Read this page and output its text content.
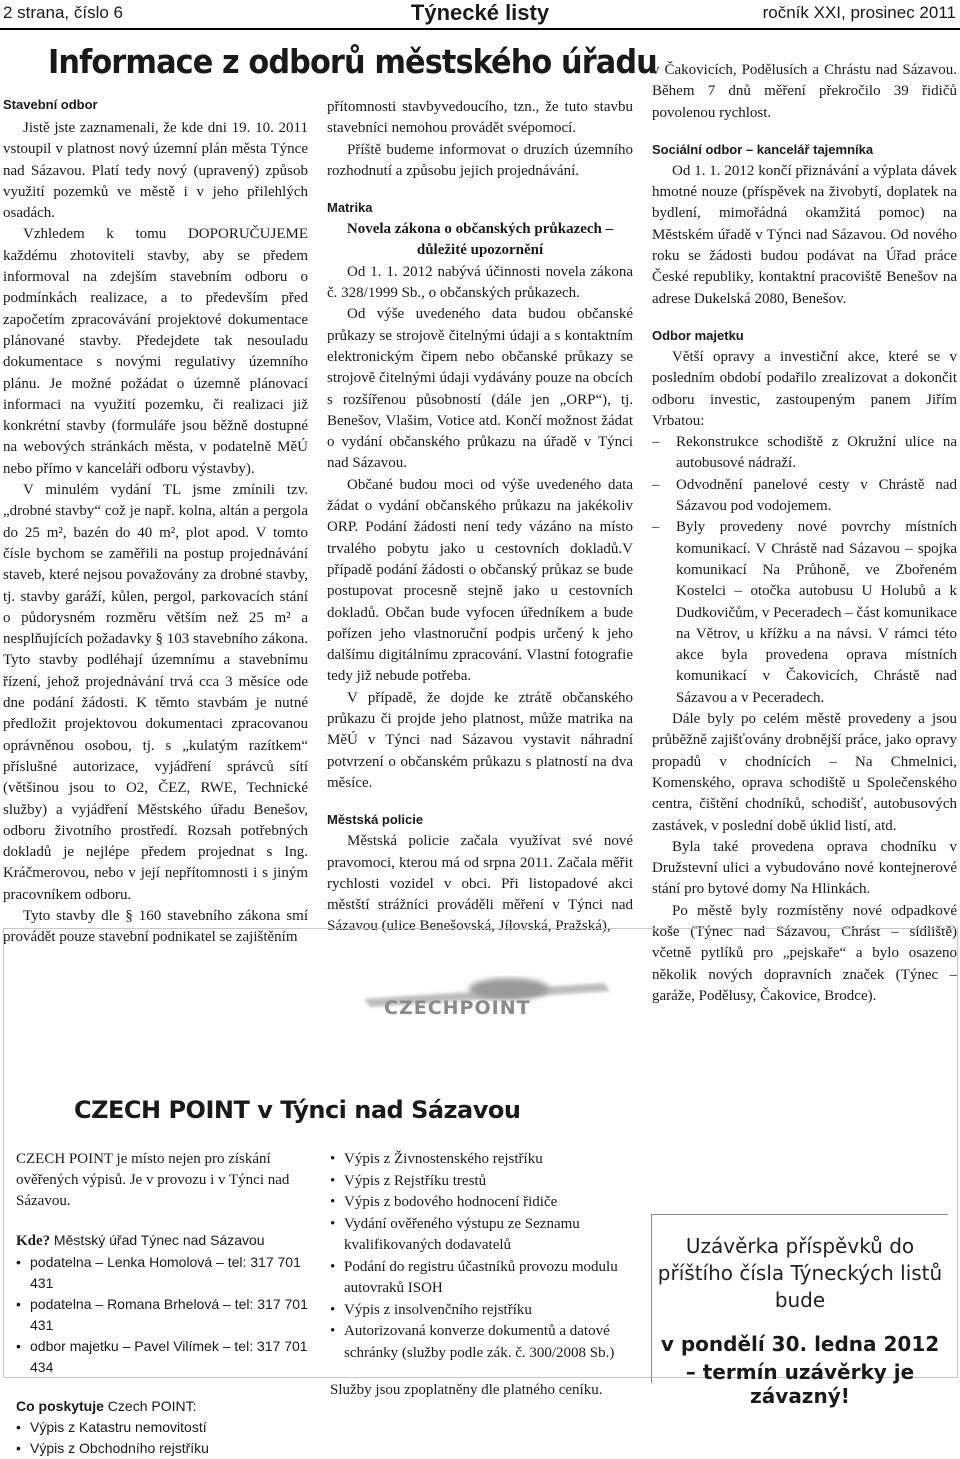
2 strana, číslo 6	Týnecké listy	ročník XXI, prosinec 2011
Informace z odborů městského úřadu
Stavební odbor

Jistě jste zaznamenali, že kde dni 19. 10. 2011 vstoupil v platnost nový územní plán města Týnce nad Sázavou. Platí tedy nový (upravený) způsob využití pozemků ve městě i v jeho přilehlých osadách.

Vzhledem k tomu DOPORUČUJEME každému zhotoviteli stavby, aby se předem informoval na zdejším stavebním odboru o podmínkách realizace, a to především před započetím zpracovávání projektové dokumentace plánované stavby. Předejdete tak nesouladu dokumentace s novými regulativy územního plánu. Je možné požádat o územně plánovací informaci na využití pozemku, či realizaci již konkrétní stavby (formuláře jsou běžně dostupné na webových stránkách města, v podatelně MěÚ nebo přímo v kanceláři odboru výstavby).

V minulém vydání TL jsme zmínili tzv. „drobné stavby“ což je např. kolna, altán a pergola do 25 m², bazén do 40 m², plot apod. V tomto čísle bychom se zaměřili na postup projednávání staveb, které nejsou považovány za drobné stavby, tj. stavby garáží, kůlen, pergol, parkovacích stání o půdorysném rozměru větším než 25 m² a nesplňujících požadavky § 103 stavebního zákona. Tyto stavby podléhají územnímu a stavebnímu řízení, jehož projednávání trvá cca 3 měsíce ode dne podání žádosti. K těmto stavbám je nutné předložit projektovou dokumentaci zpracovanou oprávněnou osobou, tj. s „kulatým razítkem“ příslušné autorizace, vyjádření správců sítí (většinou jsou to O2, ČEZ, RWE, Technické služby) a vyjádření Městského úřadu Benešov, odboru životního prostředí. Rozsah potřebných dokladů je nejlépe předem projednat s Ing. Kráčmerovou, nebo v její nepřítomnosti i s jiným pracovníkem odboru.

Tyto stavby dle § 160 stavebního zákona smí provádět pouze stavební podnikatel se zajištěním

přítomnosti stavbyvedoucího, tzn., že tuto stavbu stavebníci nemohou provádět svépomocí.

Příště budeme informovat o druzích územního rozhodnutí a způsobu jejich projednávání.

Matrika

Novela zákona o občanských průkazech – důležité upozornění

Od 1. 1. 2012 nabývá účinnosti novela zákona č. 328/1999 Sb., o občanských průkazech.

Od výše uvedeného data budou občanské průkazy se strojově čitelnými údaji a s kontaktním elektronickým čipem nebo občanské průkazy se strojově čitelnými údaji vydávány pouze na obcích s rozšířenou působností (dále jen „ORP“), tj. Benešov, Vlašim, Votice atd. Končí možnost žádat o vydání občanského průkazu na úřadě v Týnci nad Sázavou.

Občané budou moci od výše uvedeného data žádat o vydání občanského průkazu na jakékoliv ORP. Podání žádosti není tedy vázáno na místo trvalého pobytu jako u cestovních dokladů.V případě podání žádosti o občanský průkaz se bude postupovat procesně stejně jako u cestovních dokladů. Občan bude vyfocen úředníkem a bude pořízen jeho vlastnoruční podpis určený k jeho dalšímu digitálnímu zpracování. Vlastní fotografie tedy již nebude potřeba.

V případě, že dojde ke ztrátě občanského průkazu či projde jeho platnost, může matrika na MěÚ v Týnci nad Sázavou vystavit náhradní potvrzení o občanském průkazu s platností na dva měsíce.

Městská policie

Městská policie začala využívat své nové pravomoci, kterou má od srpna 2011. Začala měřit rychlosti vozidel v obci. Při listopadové akci městští strážníci prováděli měření v Týnci nad Sázavou (ulice Benešovská, Jílovská, Pražská),

v Čakovicích, Podělusích a Chrástu nad Sázavou. Během 7 dnů měření překročilo 39 řidičů povolenou rychlost.

Sociální odbor – kancelář tajemníka

Od 1. 1. 2012 končí přiznávání a výplata dávek hmotné nouze (příspěvek na živobytí, doplatek na bydlení, mimořádná okamžitá pomoc) na Městském úřadě v Týnci nad Sázavou. Od nového roku se žádosti budou podávat na Úřad práce České republiky, kontaktní pracoviště Benešov na adrese Dukelská 2080, Benešov.

Odbor majetku

Větší opravy a investiční akce, které se v posledním období podařilo zrealizovat a dokončit odboru investic, zastoupeným panem Jiřím Vrbatou:

– Rekonstrukce schodiště z Okružní ulice na autobusové nádraží.
– Odvodnění panelové cesty v Chrástě nad Sázavou pod vodojemem.
– Byly provedeny nové povrchy místních komunikací. V Chrástě nad Sázavou – spojka komunikací Na Průhoně, ve Zbořeném Kostelci – otočka autobusu U Holubů a k Dudkovičům, v Peceradech – část komunikace na Větrov, u křížku a na návsi. V rámci této akce byla provedena oprava místních komunikací v Čakovicích, Chrástě nad Sázavou a v Peceradech.

Dále byly po celém městě provedeny a jsou průběžně zajišťovány drobnější práce, jako opravy propadů v chodnících – Na Chmelnici, Komenského, oprava schodiště u Společenského centra, čištění chodníků, schodišť, autobusových zastávek, v poslední době úklid listí, atd.

Byla také provedena oprava chodníku v Družstevní ulici a vybudováno nové kontejnerové stání pro bytové domy Na Hlinkách.

Po městě byly rozmístěny nové odpadkové koše (Týnec nad Sázavou, Chrást – sídliště) včetně pytlíků pro „pejskaře“ a bylo osazeno několik nových dopravních značek (Týnec – garáže, Podělusy, Čakovice, Brodce).

CZECHPOINT
CZECH POINT v Týnci nad Sázavou

CZECH POINT je místo nejen pro získání ověřených výpisů. Je v provozu i v Týnci nad Sázavou.

Kde? Městský úřad Týnec nad Sázavou

• podatelna – Lenka Homolová – tel: 317 701 431
• podatelna – Romana Brhelová – tel: 317 701 431
• odbor majetku – Pavel Vilímek – tel: 317 701 434

Co poskytuje Czech POINT:

• Výpis z Katastru nemovitostí
• Výpis z Obchodního rejstříku
• Výpis z Živnostenského rejstříku
• Výpis z Rejstříku trestů
• Výpis z bodového hodnocení řidiče
• Vydání ověřeného výstupu ze Seznamu kvalifikovaných dodavatelů
• Podání do registru účastníků provozu modulu autovraků ISOH
• Výpis z insolvenčního rejstříku
• Autorizovaná konverze dokumentů a datové schránky (služby podle zák. č. 300/2008 Sb.)

Služby jsou zpoplatněny dle platného ceníku.

Uzávěrka příspěvků do příštího čísla Týneckých listů bude
v pondělí 30. ledna 2012
– termín uzávěrky je závazný!
